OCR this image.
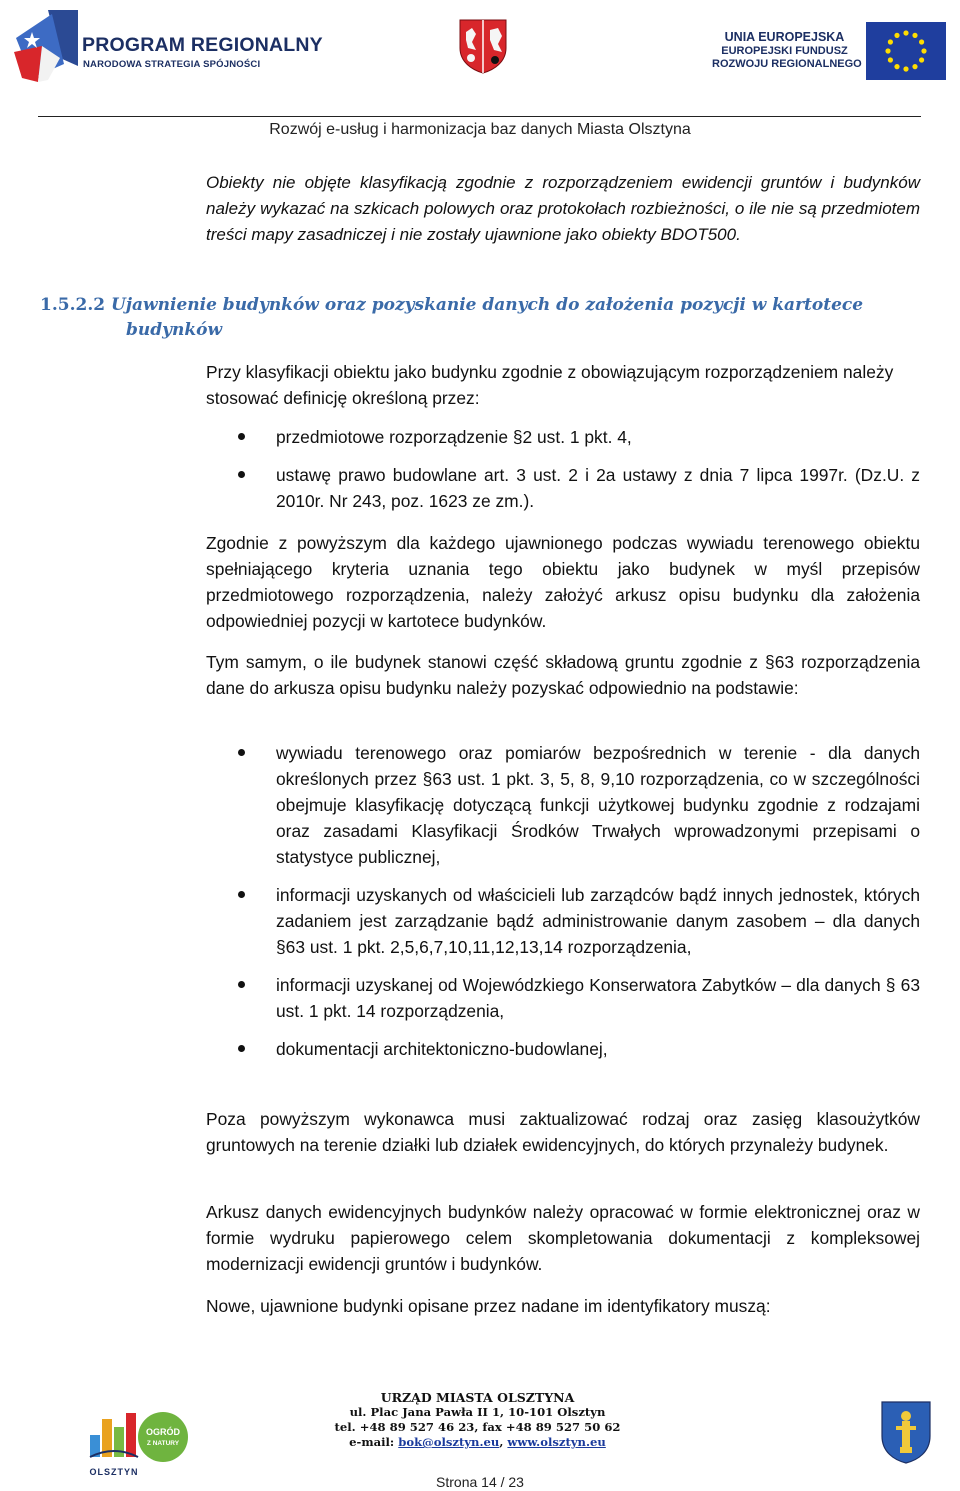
PROGRAM REGIONALNY
NARODOWA STRATEGIA SPÓJNOŚCI
UNIA EUROPEJSKA
EUROPEJSKI FUNDUSZ
ROZWOJU REGIONALNEGO
Rozwój e-usług i harmonizacja baz danych Miasta Olsztyna
Obiekty nie objęte klasyfikacją zgodnie z rozporządzeniem ewidencji gruntów i budynków należy wykazać na szkicach polowych oraz protokołach rozbieżności, o ile nie są przedmiotem treści mapy zasadniczej i nie zostały ujawnione jako obiekty BDOT500.
1.5.2.2 Ujawnienie budynków oraz pozyskanie danych do założenia pozycji w kartotece
budynków
Przy klasyfikacji obiektu jako budynku zgodnie z obowiązującym rozporządzeniem należy stosować definicję określoną przez:
przedmiotowe rozporządzenie §2 ust. 1 pkt. 4,
ustawę prawo budowlane art. 3 ust. 2 i 2a ustawy z dnia 7 lipca 1997r. (Dz.U. z 2010r. Nr 243, poz. 1623 ze zm.).
Zgodnie z powyższym dla każdego ujawnionego podczas wywiadu terenowego obiektu spełniającego kryteria uznania tego obiektu jako budynek w myśl przepisów przedmiotowego rozporządzenia, należy założyć arkusz opisu budynku dla założenia odpowiedniej pozycji w kartotece budynków.
Tym samym, o ile budynek stanowi część składową gruntu zgodnie z §63 rozporządzenia dane do arkusza opisu budynku należy pozyskać odpowiednio na podstawie:
wywiadu terenowego oraz pomiarów bezpośrednich w terenie - dla danych określonych przez §63 ust. 1 pkt. 3, 5, 8, 9,10 rozporządzenia, co w szczególności obejmuje klasyfikację dotyczącą funkcji użytkowej budynku zgodnie z rodzajami oraz zasadami Klasyfikacji Środków Trwałych wprowadzonymi przepisami o statystyce publicznej,
informacji uzyskanych od właścicieli lub zarządców bądź innych jednostek, których zadaniem jest zarządzanie bądź administrowanie danym zasobem – dla danych §63 ust. 1 pkt. 2,5,6,7,10,11,12,13,14 rozporządzenia,
informacji uzyskanej od Wojewódzkiego Konserwatora Zabytków – dla danych § 63 ust. 1 pkt. 14 rozporządzenia,
dokumentacji architektoniczno-budowlanej,
Poza powyższym wykonawca musi zaktualizować rodzaj oraz zasięg klasoużytków gruntowych na terenie działki lub działek ewidencyjnych, do których przynależy budynek.
Arkusz danych ewidencyjnych budynków należy opracować w formie elektronicznej oraz w formie wydruku papierowego celem skompletowania dokumentacji z kompleksowej modernizacji ewidencji gruntów i budynków.
Nowe, ujawnione budynki opisane przez nadane im identyfikatory muszą:
OLSZTYN
OGRÓD
Z NATURY
URZĄD MIASTA OLSZTYNA
ul. Plac Jana Pawła II 1, 10-101 Olsztyn
tel. +48 89 527 46 23, fax +48 89 527 50 62
e-mail: bok@olsztyn.eu, www.olsztyn.eu
Strona 14 / 23
